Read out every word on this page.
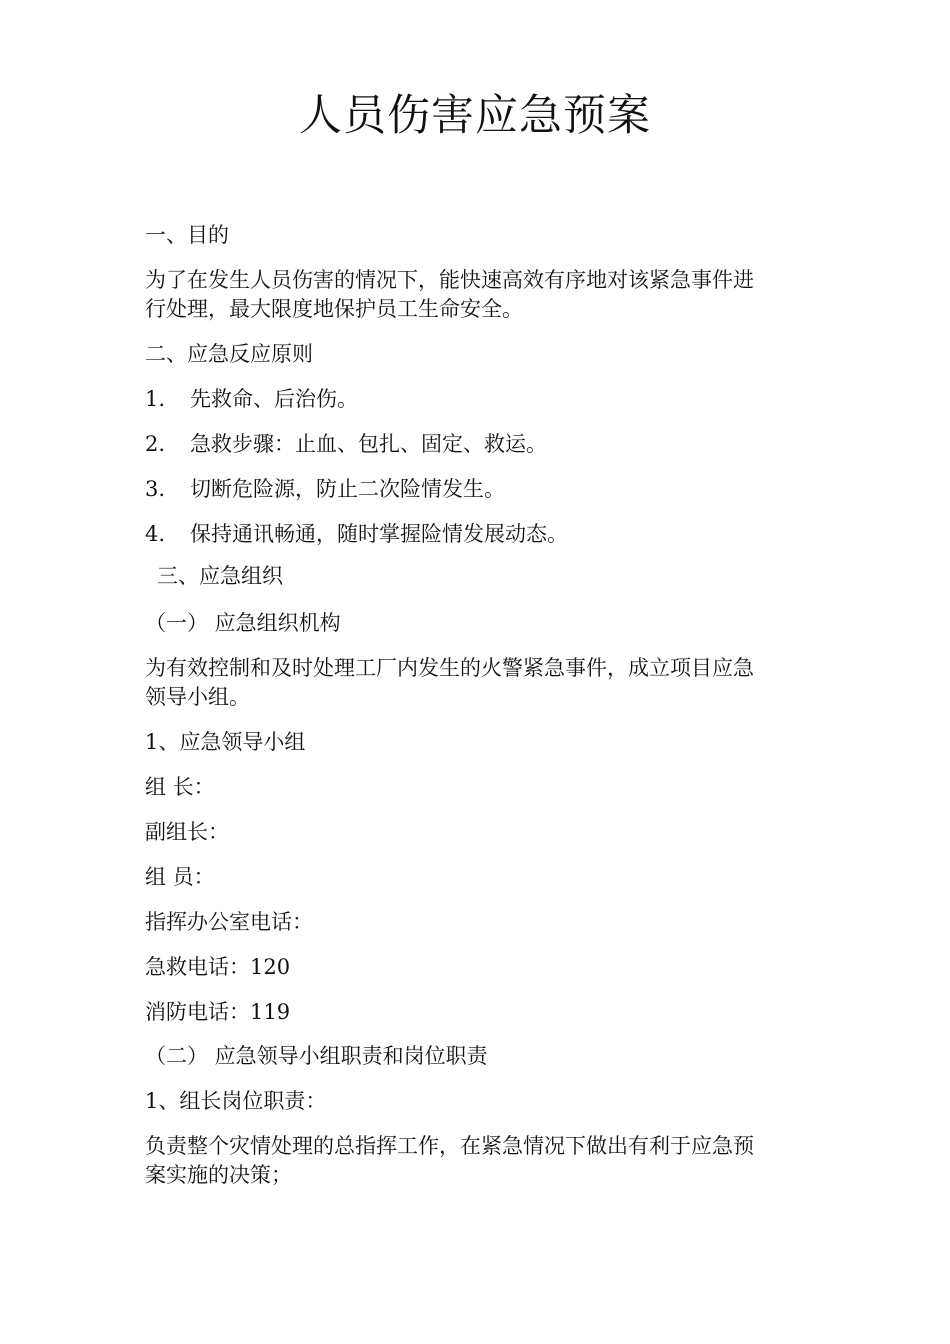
人员伤害应急预案

一、目的

为了在发生人员伤害的情况下，能快速高效有序地对该紧急事件进

行处理，最大限度地保护员工生命安全。

二、应急反应原则

1. 先救命、后治伤。

2. 急救步骤：止血、包扎、固定、救运。

3. 切断危险源，防止二次险情发生。

4. 保持通讯畅通，随时掌握险情发展动态。

三、应急组织

（一） 应急组织机构

为有效控制和及时处理工厂内发生的火警紧急事件，成立项目应急

领导小组。

1、应急领导小组

组 长：

副组长：

组 员：

指挥办公室电话：

急救电话：120

消防电话：119

（二） 应急领导小组职责和岗位职责

1、组长岗位职责：

负责整个灾情处理的总指挥工作，在紧急情况下做出有利于应急预

案实施的决策；
